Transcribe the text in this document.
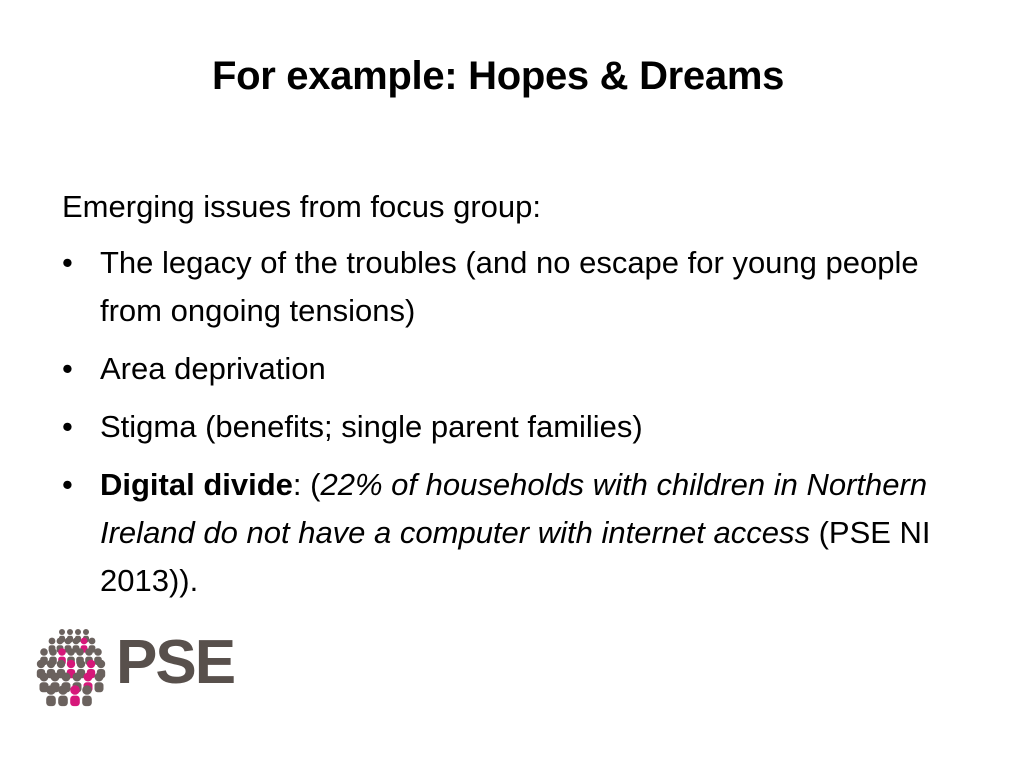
For example: Hopes & Dreams

Emerging issues from focus group:

• The legacy of the troubles (and no escape for young people from ongoing tensions)
• Area deprivation
• Stigma (benefits; single parent families)
• Digital divide: (22% of households with children in Northern Ireland do not have a computer with internet access (PSE NI 2013)).
PSE
